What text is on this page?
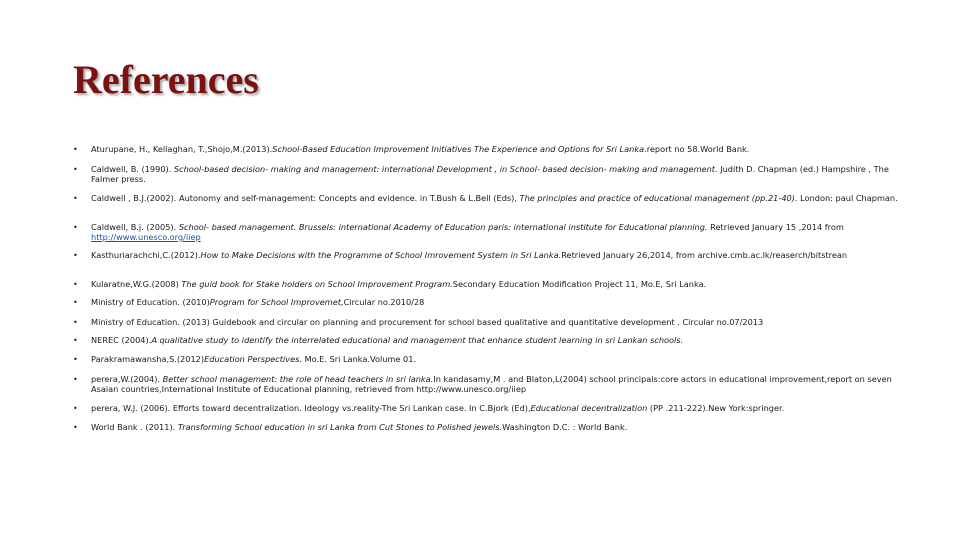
References
• Aturupane, H., Kellaghan, T.,Shojo,M.(2013).School-Based Education Improvement Initiatives The Experience and Options for Sri Lanka.report no 58.World Bank.
• Caldwell, B. (1990). School-based decision- making and management: international Development , in School- based decision- making and management. Judith D. Chapman (ed.) Hampshire , The Falmer press.
• Caldwell , B.J.(2002). Autonomy and self-management: Concepts and evidence. in T.Bush & L.Bell (Eds), The principles and practice of educational management (pp.21-40). London: paul Chapman.
• Caldwell, B.j. (2005). School- based management. Brussels: international Academy of Education paris: international institute for Educational planning. Retrieved January 15 ,2014 from http://www.unesco.org/iiep
• Kasthuriarachchi,C.(2012).How to Make Decisions with the Programme of School Imrovement System in Sri Lanka.Retrieved January 26,2014, from archive.cmb.ac.lk/reaserch/bitstrean
• Kularatne,W.G.(2008) The guid book for Stake holders on School Improvement Program.Secondary Education Modification Project 11, Mo.E, Sri Lanka.
• Ministry of Education. (2010)Program for School Improvemet,Circular no.2010/28
• Ministry of Education. (2013) Guidebook and circular on planning and procurement for school based qualitative and quantitative development . Circular no.07/2013
• NEREC (2004).A qualitative study to identify the interrelated educational and management that enhance student learning in sri Lankan schools.
• Parakramawansha,S.(2012)Education Perspectives. Mo.E. Sri Lanka.Volume 01.
• perera,W.(2004). Better school management: the role of head teachers in sri lanka.In kandasamy,M . and Blaton,L(2004) school principals:core actors in educational improvement,report on seven Asaian countries,International Institute of Educational planning, retrieved from http://www.unesco.org/iiep
• perera, W.J. (2006). Efforts toward decentralization. Ideology vs.reality-The Sri Lankan case. In C.Bjork (Ed),Educational decentralization (PP .211-222).New York:springer.
• World Bank . (2011). Transforming School education in sri Lanka from Cut Stones to Polished jewels.Washington D.C. : World Bank.
